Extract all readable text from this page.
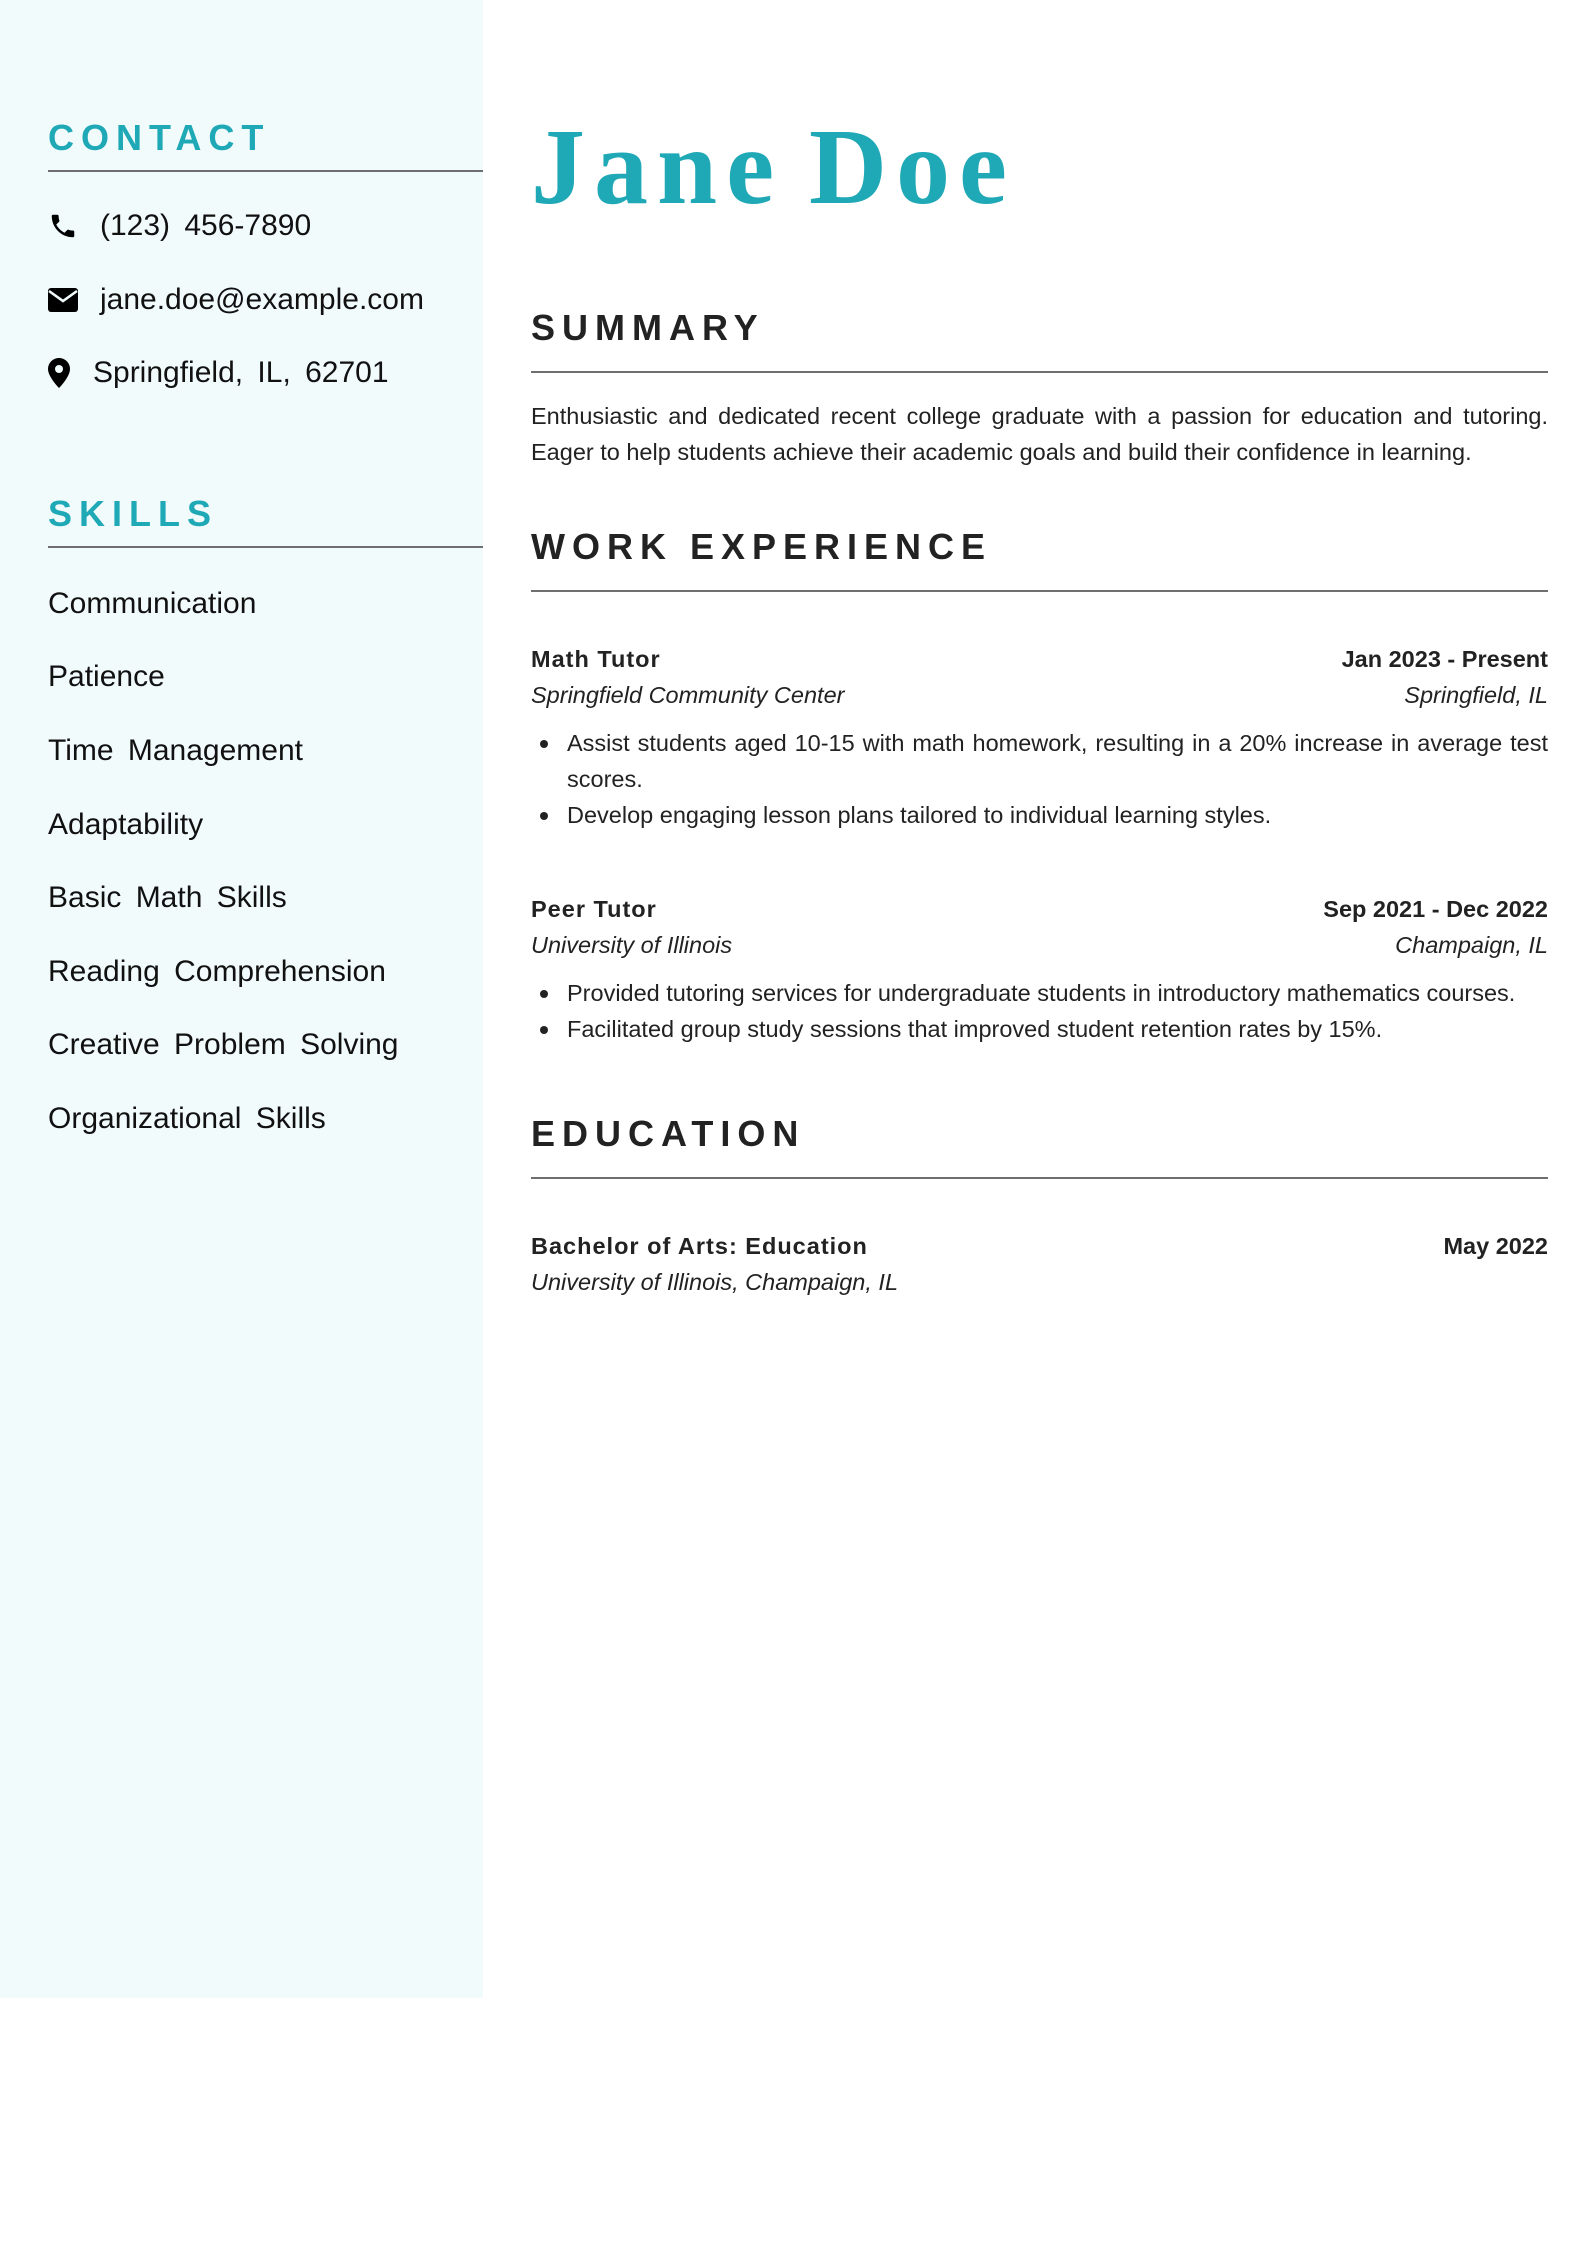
CONTACT
(123) 456-7890
jane.doe@example.com
Springfield, IL, 62701
SKILLS
Communication
Patience
Time Management
Adaptability
Basic Math Skills
Reading Comprehension
Creative Problem Solving
Organizational Skills
Jane Doe
SUMMARY

Enthusiastic and dedicated recent college graduate with a passion for education and tutoring. Eager to help students achieve their academic goals and build their confidence in learning.

WORK EXPERIENCE
Math Tutor	Jan 2023 - Present
Springfield Community Center	Springfield, IL
Assist students aged 10-15 with math homework, resulting in a 20% increase in average test scores.
Develop engaging lesson plans tailored to individual learning styles.
Peer Tutor	Sep 2021 - Dec 2022
University of Illinois	Champaign, IL
Provided tutoring services for undergraduate students in introductory mathematics courses.
Facilitated group study sessions that improved student retention rates by 15%.
EDUCATION
Bachelor of Arts: Education	May 2022
University of Illinois, Champaign, IL
